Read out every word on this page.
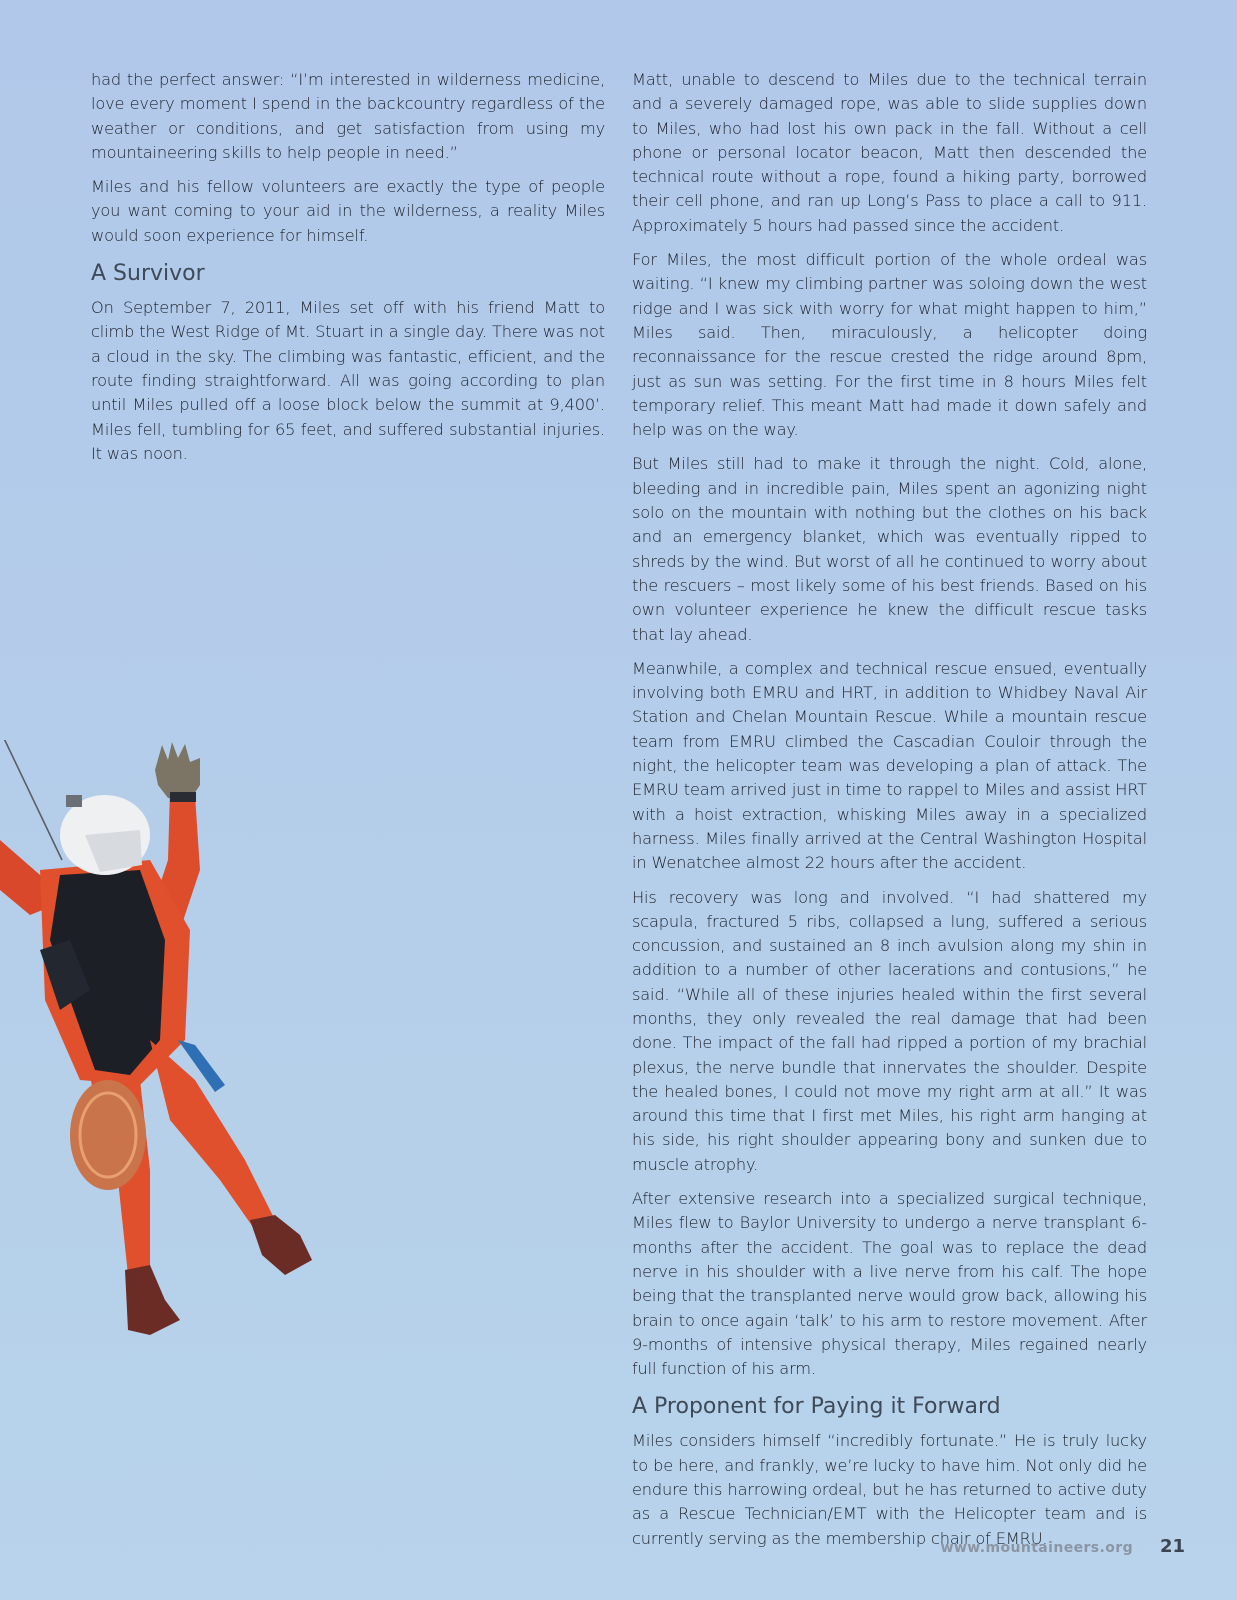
had the perfect answer: “I’m interested in wilderness medicine, love every moment I spend in the backcountry regardless of the weather or conditions, and get satisfaction from using my mountaineering skills to help people in need.”

Miles and his fellow volunteers are exactly the type of people you want coming to your aid in the wilderness, a reality Miles would soon experience for himself.

A Survivor

On September 7, 2011, Miles set off with his friend Matt to climb the West Ridge of Mt. Stuart in a single day. There was not a cloud in the sky. The climbing was fantastic, efficient, and the route finding straightforward. All was going according to plan until Miles pulled off a loose block below the summit at 9,400’. Miles fell, tumbling for 65 feet, and suffered substantial injuries. It was noon.

Matt, unable to descend to Miles due to the technical terrain and a severely damaged rope, was able to slide supplies down to Miles, who had lost his own pack in the fall. Without a cell phone or personal locator beacon, Matt then descended the technical route without a rope, found a hiking party, borrowed their cell phone, and ran up Long’s Pass to place a call to 911. Approximately 5 hours had passed since the accident.

For Miles, the most difficult portion of the whole ordeal was waiting. “I knew my climbing partner was soloing down the west ridge and I was sick with worry for what might happen to him,” Miles said. Then, miraculously, a helicopter doing reconnaissance for the rescue crested the ridge around 8pm, just as sun was setting. For the first time in 8 hours Miles felt temporary relief. This meant Matt had made it down safely and help was on the way.

But Miles still had to make it through the night. Cold, alone, bleeding and in incredible pain, Miles spent an agonizing night solo on the mountain with nothing but the clothes on his back and an emergency blanket, which was eventually ripped to shreds by the wind. But worst of all he continued to worry about the rescuers – most likely some of his best friends. Based on his own volunteer experience he knew the difficult rescue tasks that lay ahead.

Meanwhile, a complex and technical rescue ensued, eventually involving both EMRU and HRT, in addition to Whidbey Naval Air Station and Chelan Mountain Rescue. While a mountain rescue team from EMRU climbed the Cascadian Couloir through the night, the helicopter team was developing a plan of attack. The EMRU team arrived just in time to rappel to Miles and assist HRT with a hoist extraction, whisking Miles away in a specialized harness. Miles finally arrived at the Central Washington Hospital in Wenatchee almost 22 hours after the accident.

His recovery was long and involved. “I had shattered my scapula, fractured 5 ribs, collapsed a lung, suffered a serious concussion, and sustained an 8 inch avulsion along my shin in addition to a number of other lacerations and contusions,” he said. “While all of these injuries healed within the first several months, they only revealed the real damage that had been done. The impact of the fall had ripped a portion of my brachial plexus, the nerve bundle that innervates the shoulder. Despite the healed bones, I could not move my right arm at all.” It was around this time that I first met Miles, his right arm hanging at his side, his right shoulder appearing bony and sunken due to muscle atrophy.

After extensive research into a specialized surgical technique, Miles flew to Baylor University to undergo a nerve transplant 6-months after the accident. The goal was to replace the dead nerve in his shoulder with a live nerve from his calf. The hope being that the transplanted nerve would grow back, allowing his brain to once again ‘talk’ to his arm to restore movement. After 9-months of intensive physical therapy, Miles regained nearly full function of his arm.

A Proponent for Paying it Forward

Miles considers himself “incredibly fortunate.” He is truly lucky to be here, and frankly, we’re lucky to have him. Not only did he endure this harrowing ordeal, but he has returned to active duty as a Rescue Technician/EMT with the Helicopter team and is currently serving as the membership chair of EMRU.

www.mountaineers.org 21
